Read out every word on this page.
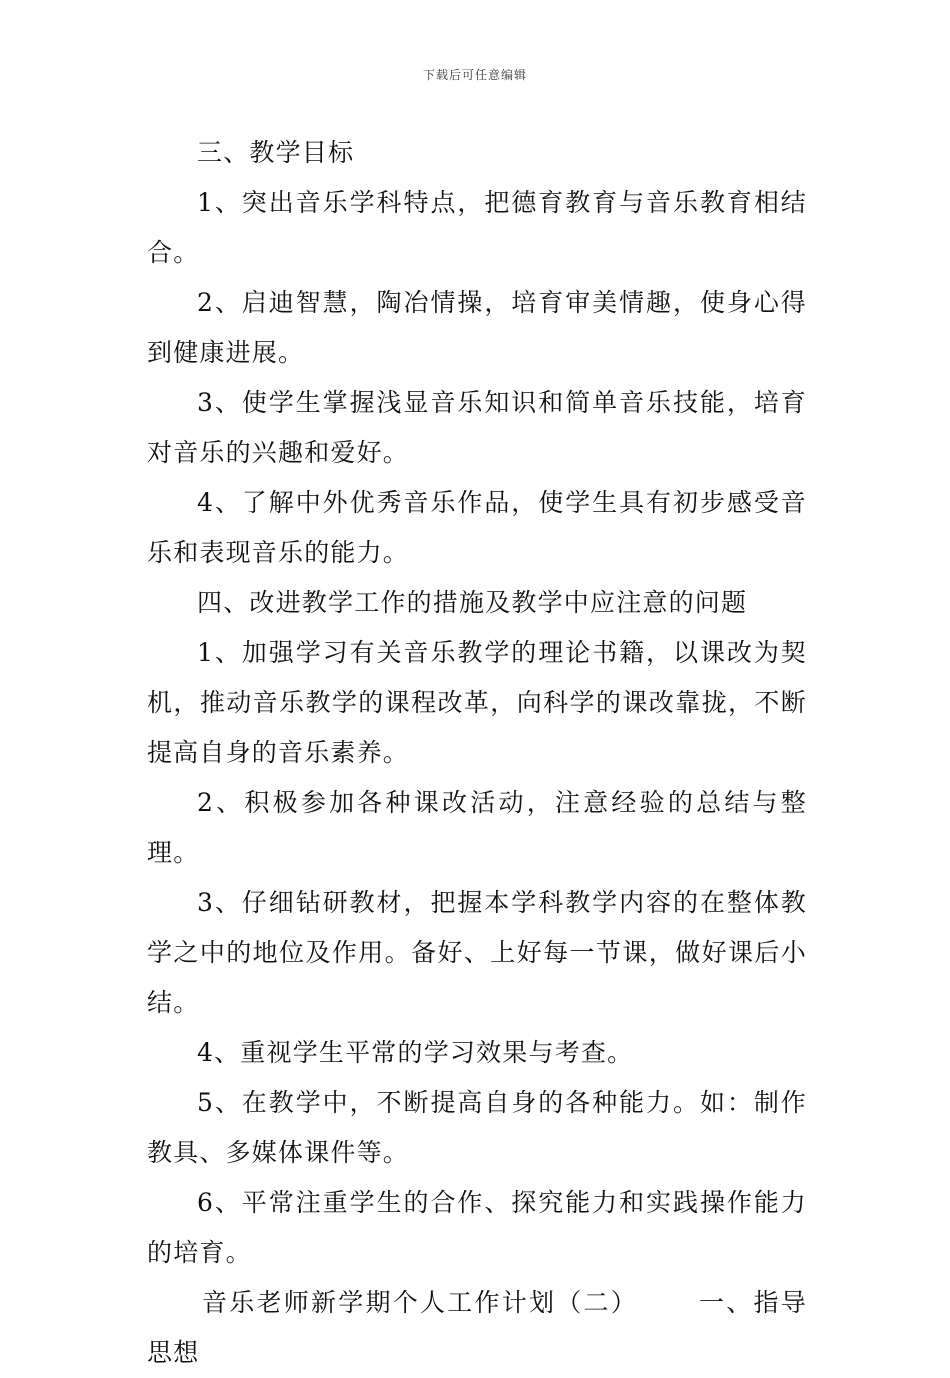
下载后可任意编辑

三、教学目标

1、突出音乐学科特点，把德育教育与音乐教育相结合。

2、启迪智慧，陶冶情操，培育审美情趣，使身心得到健康进展。

3、使学生掌握浅显音乐知识和简单音乐技能，培育对音乐的兴趣和爱好。

4、了解中外优秀音乐作品，使学生具有初步感受音乐和表现音乐的能力。

四、改进教学工作的措施及教学中应注意的问题

1、加强学习有关音乐教学的理论书籍，以课改为契机，推动音乐教学的课程改革，向科学的课改靠拢，不断提高自身的音乐素养。

2、积极参加各种课改活动，注意经验的总结与整理。

3、仔细钻研教材，把握本学科教学内容的在整体教学之中的地位及作用。备好、上好每一节课，做好课后小结。

4、重视学生平常的学习效果与考查。

5、在教学中，不断提高自身的各种能力。如：制作教具、多媒体课件等。

6、平常注重学生的合作、探究能力和实践操作能力的培育。

音乐老师新学期个人工作计划（二） 一、指导思想
